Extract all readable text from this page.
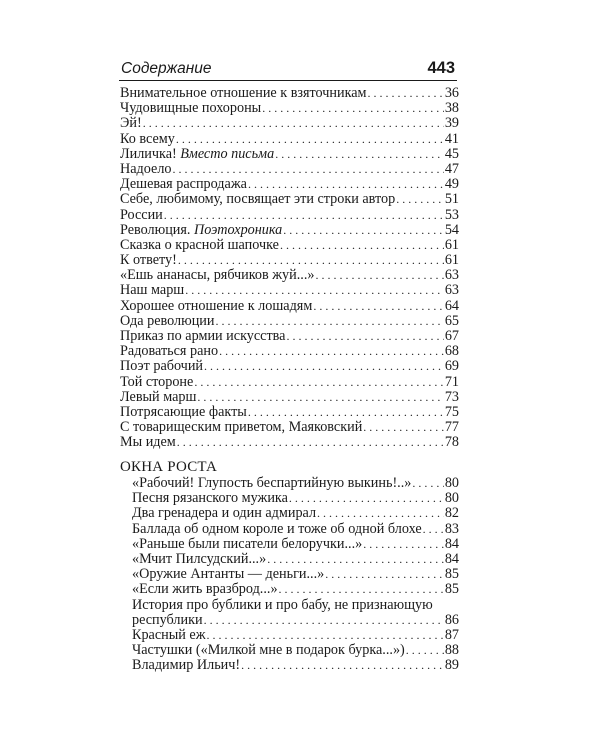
Содержание	443
Внимательное отношение к взяточникам . . .	36
Чудовищные похороны . . .	38
Эй! . . .	39
Ко всему . . .	41
Лиличка! Вместо письма . . .	45
Надоело . . .	47
Дешевая распродажа . . .	49
Себе, любимому, посвящает эти строки автор . . .	51
России . . .	53
Революция. Поэтохроника . . .	54
Сказка о красной шапочке . . .	61
К ответу! . . .	61
«Ешь ананасы, рябчиков жуй...» . . .	63
Наш марш . . .	63
Хорошее отношение к лошадям . . .	64
Ода революции . . .	65
Приказ по армии искусства . . .	67
Радоваться рано . . .	68
Поэт рабочий . . .	69
Той стороне . . .	71
Левый марш . . .	73
Потрясающие факты . . .	75
С товарищеским приветом, Маяковский . . .	77
Мы идем . . .	78
ОКНА РОСТА
«Рабочий! Глупость беспартийную выкинь!..» . . . 80
Песня рязанского мужика . . .	80
Два гренадера и один адмирал . . .	82
Баллада об одном короле и тоже об одной блохе . . . 83
«Раньше были писатели белоручки...» . . .	84
«Мчит Пилсудский...» . . .	84
«Оружие Антанты — деньги...» . . .	85
«Если жить вразброд...» . . .	85
История про бублики и про бабу, не признающую
республики . . .	86
Красный еж . . .	87
Частушки («Милкой мне в подарок бурка...») . . .	88
Владимир Ильич! . . .	89
